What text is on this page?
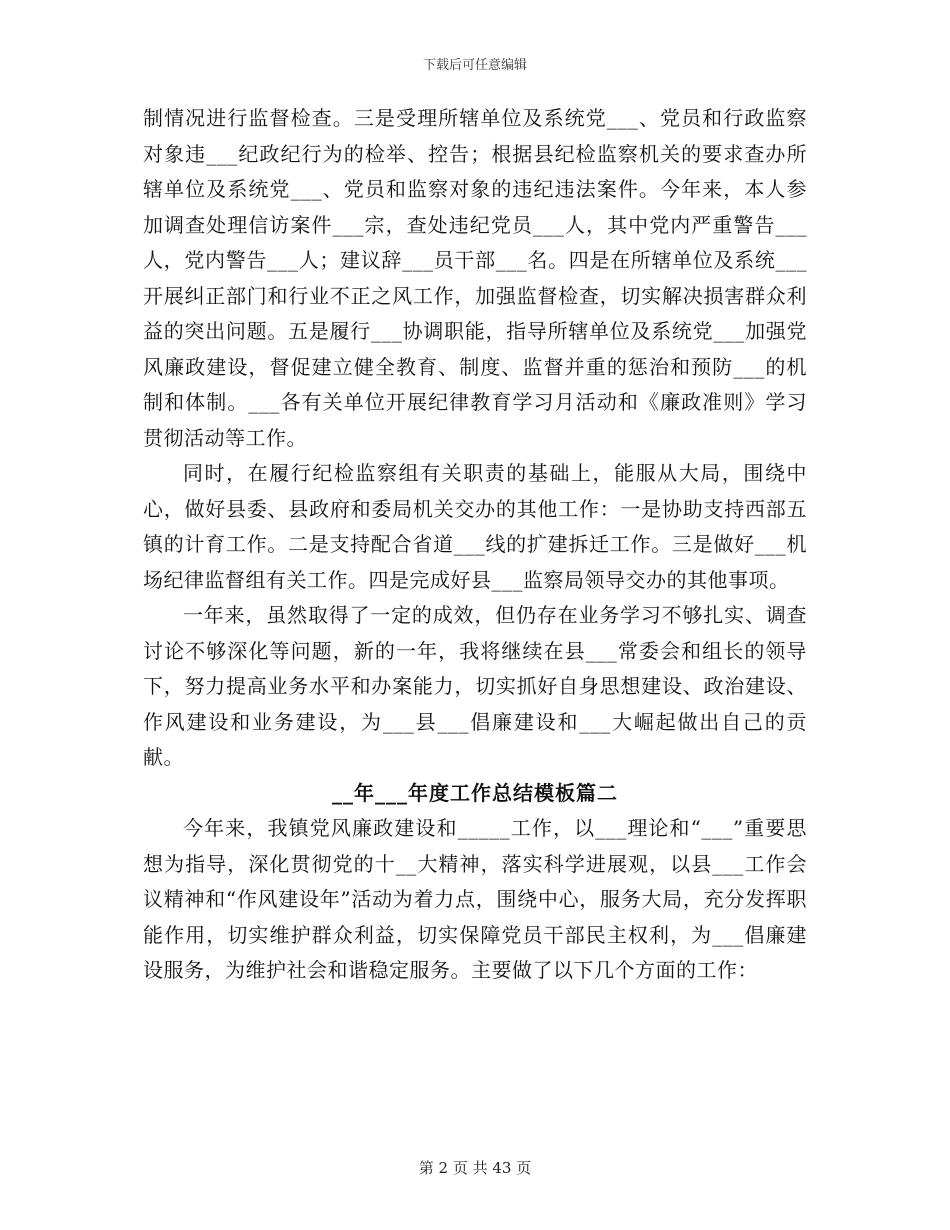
下载后可任意编辑

制情况进行监督检查。三是受理所辖单位及系统党___、党员和行政监察对象违___纪政纪行为的检举、控告；根据县纪检监察机关的要求查办所辖单位及系统党___、党员和监察对象的违纪违法案件。今年来，本人参加调查处理信访案件___宗，查处违纪党员___人，其中党内严重警告___人，党内警告___人；建议辞___员干部___名。四是在所辖单位及系统___开展纠正部门和行业不正之风工作，加强监督检查，切实解决损害群众利益的突出问题。五是履行___协调职能，指导所辖单位及系统党___加强党风廉政建设，督促建立健全教育、制度、监督并重的惩治和预防___的机制和体制。___各有关单位开展纪律教育学习月活动和《廉政准则》学习贯彻活动等工作。

同时，在履行纪检监察组有关职责的基础上，能服从大局，围绕中心，做好县委、县政府和委局机关交办的其他工作：一是协助支持西部五镇的计育工作。二是支持配合省道___线的扩建拆迁工作。三是做好___机场纪律监督组有关工作。四是完成好县___监察局领导交办的其他事项。

一年来，虽然取得了一定的成效，但仍存在业务学习不够扎实、调查讨论不够深化等问题，新的一年，我将继续在县___常委会和组长的领导下，努力提高业务水平和办案能力，切实抓好自身思想建设、政治建设、作风建设和业务建设，为___县___倡廉建设和___大崛起做出自己的贡献。

__年___年度工作总结模板篇二

今年来，我镇党风廉政建设和_____工作，以___理论和“___”重要思想为指导，深化贯彻党的十__大精神，落实科学进展观，以县___工作会议精神和“作风建设年”活动为着力点，围绕中心，服务大局，充分发挥职能作用，切实维护群众利益，切实保障党员干部民主权利，为___倡廉建设服务，为维护社会和谐稳定服务。主要做了以下几个方面的工作：

第 2 页 共 43 页
